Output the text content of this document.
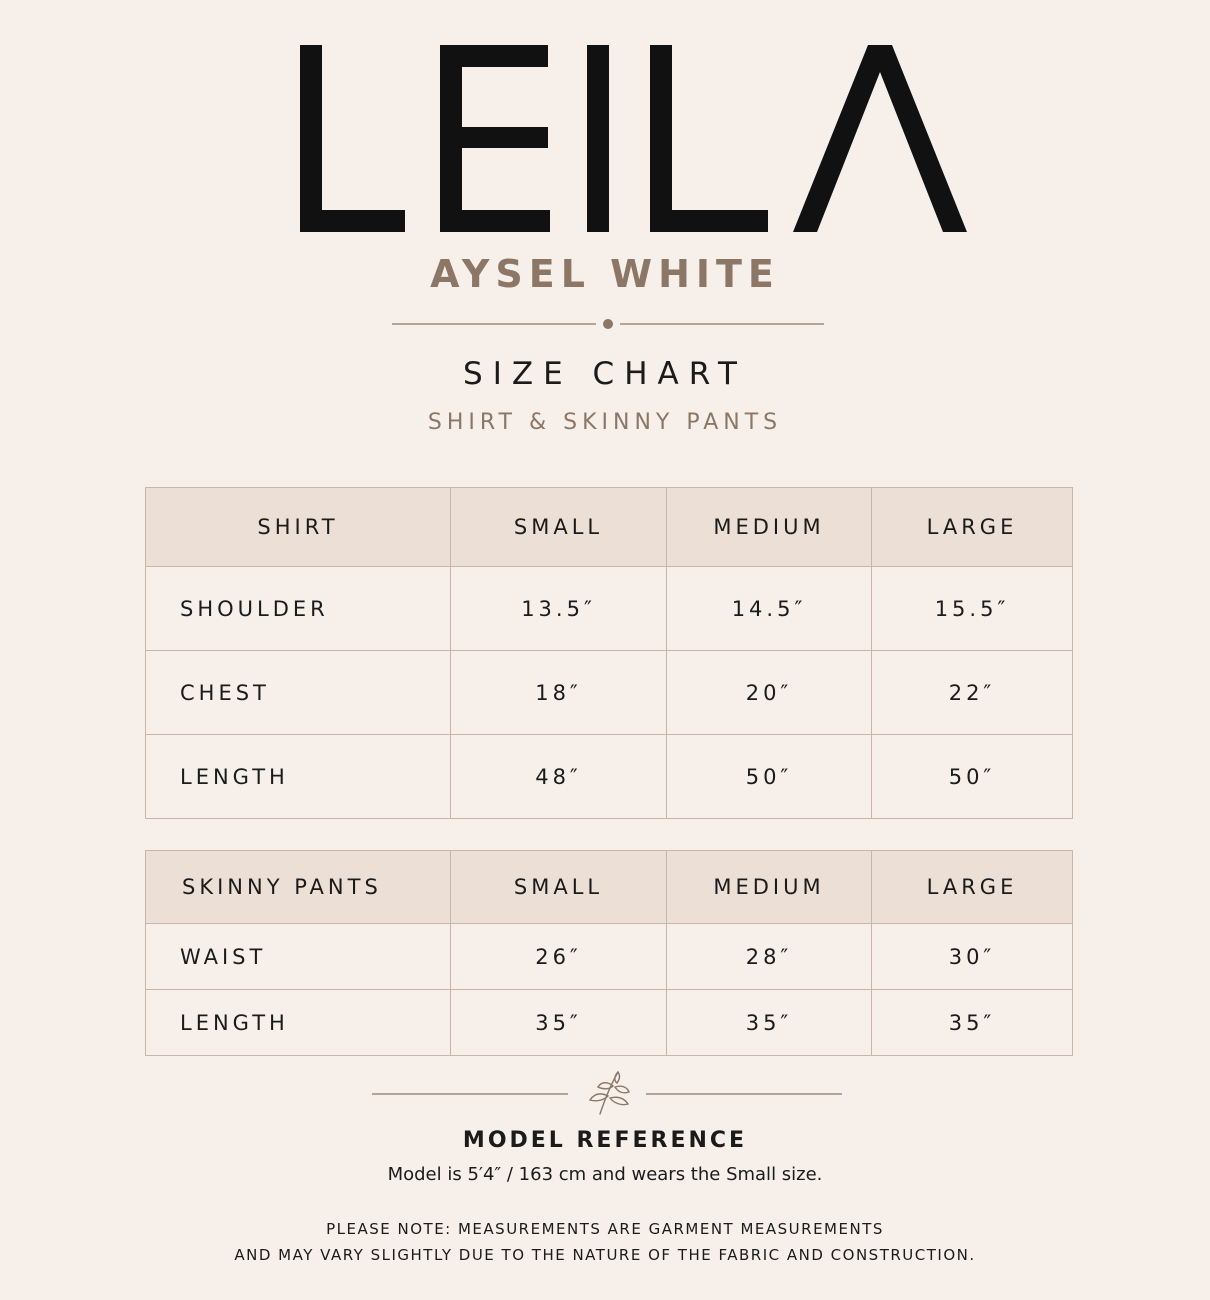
AYSEL WHITE
SIZE CHART
SHIRT & SKINNY PANTS
SHIRT	SMALL	MEDIUM	LARGE
SHOULDER	13.5″	14.5″	15.5″
CHEST	18″	20″	22″
LENGTH	48″	50″	50″
SKINNY PANTS	SMALL	MEDIUM	LARGE
WAIST	26″	28″	30″
LENGTH	35″	35″	35″
MODEL REFERENCE
Model is 5′4″ / 163 cm and wears the Small size.
PLEASE NOTE: MEASUREMENTS ARE GARMENT MEASUREMENTS
AND MAY VARY SLIGHTLY DUE TO THE NATURE OF THE FABRIC AND CONSTRUCTION.
